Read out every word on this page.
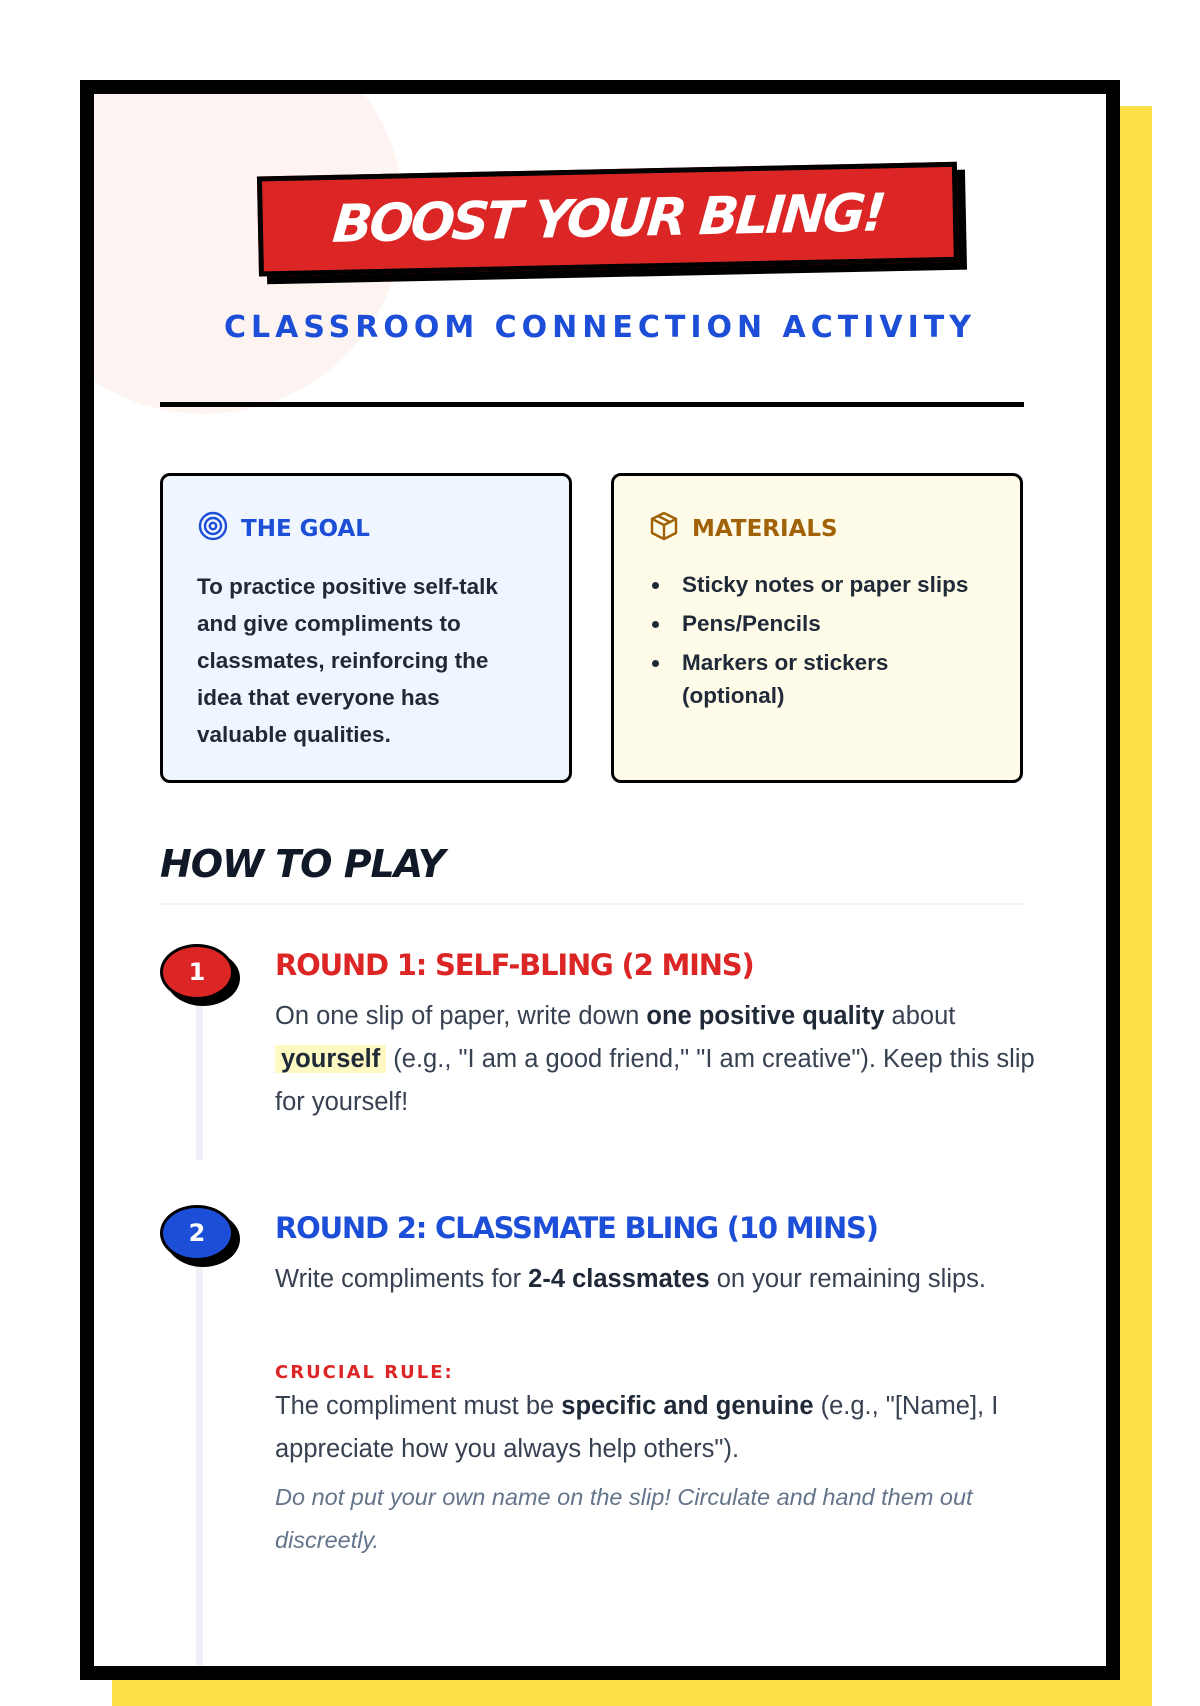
BOOST YOUR BLING!
CLASSROOM CONNECTION ACTIVITY
THE GOAL
To practice positive self-talk and give compliments to classmates, reinforcing the idea that everyone has valuable qualities.
MATERIALS
Sticky notes or paper slips
Pens/Pencils
Markers or stickers (optional)
HOW TO PLAY
1	ROUND 1: SELF-BLING (2 MINS)
On one slip of paper, write down one positive quality about yourself (e.g., "I am a good friend," "I am creative"). Keep this slip for yourself!
2	ROUND 2: CLASSMATE BLING (10 MINS)
Write compliments for 2-4 classmates on your remaining slips.
CRUCIAL RULE:
The compliment must be specific and genuine (e.g., "[Name], I appreciate how you always help others").
Do not put your own name on the slip! Circulate and hand them out discreetly.
